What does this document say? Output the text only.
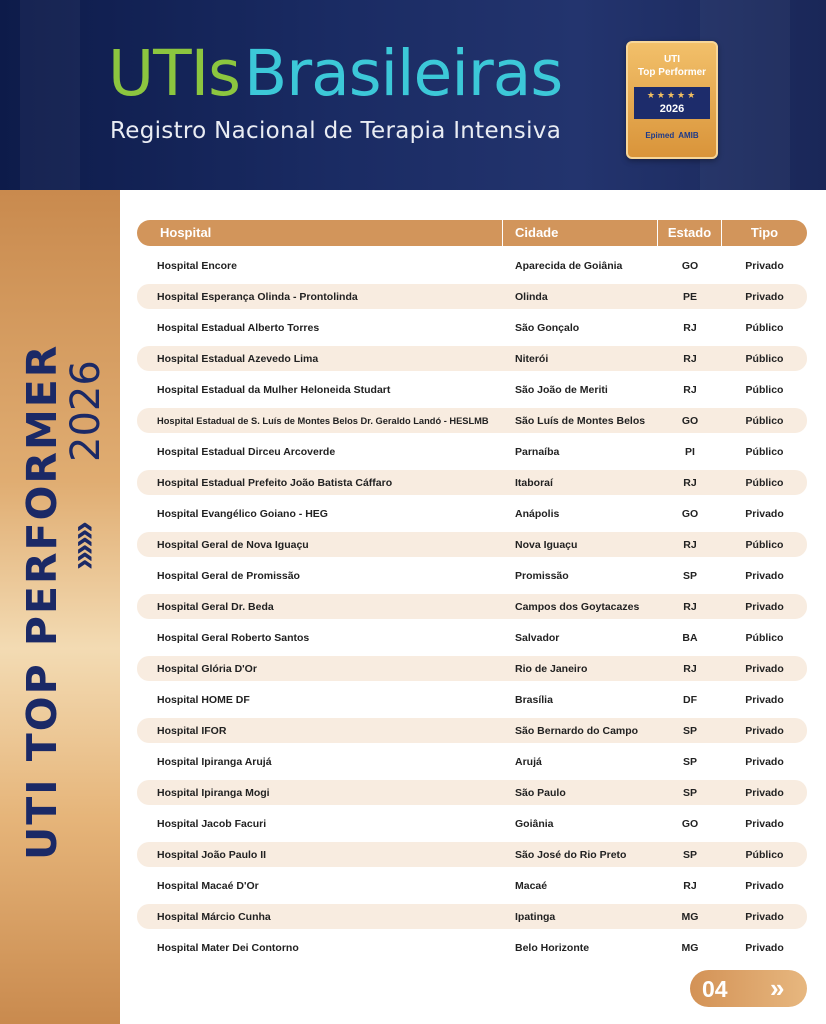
UTIsBrasileiras
Registro Nacional de Terapia Intensiva
UTI
Top Performer
★★★★★
2026
Epimed AMIB
UTI TOP PERFORMER
»»»
2026
Hospital	Cidade	Estado	Tipo
Hospital Encore	Aparecida de Goiânia	GO	Privado
Hospital Esperança Olinda - Prontolinda	Olinda	PE	Privado
Hospital Estadual Alberto Torres	São Gonçalo	RJ	Público
Hospital Estadual Azevedo Lima	Niterói	RJ	Público
Hospital Estadual da Mulher Heloneida Studart	São João de Meriti	RJ	Público
Hospital Estadual de S. Luís de Montes Belos Dr. Geraldo Landó - HESLMB	São Luís de Montes Belos	GO	Público
Hospital Estadual Dirceu Arcoverde	Parnaíba	PI	Público
Hospital Estadual Prefeito João Batista Cáffaro	Itaboraí	RJ	Público
Hospital Evangélico Goiano - HEG	Anápolis	GO	Privado
Hospital Geral de Nova Iguaçu	Nova Iguaçu	RJ	Público
Hospital Geral de Promissão	Promissão	SP	Privado
Hospital Geral Dr. Beda	Campos dos Goytacazes	RJ	Privado
Hospital Geral Roberto Santos	Salvador	BA	Público
Hospital Glória D'Or	Rio de Janeiro	RJ	Privado
Hospital HOME DF	Brasília	DF	Privado
Hospital IFOR	São Bernardo do Campo	SP	Privado
Hospital Ipiranga Arujá	Arujá	SP	Privado
Hospital Ipiranga Mogi	São Paulo	SP	Privado
Hospital Jacob Facuri	Goiânia	GO	Privado
Hospital João Paulo II	São José do Rio Preto	SP	Público
Hospital Macaé D'Or	Macaé	RJ	Privado
Hospital Márcio Cunha	Ipatinga	MG	Privado
Hospital Mater Dei Contorno	Belo Horizonte	MG	Privado
04 »
